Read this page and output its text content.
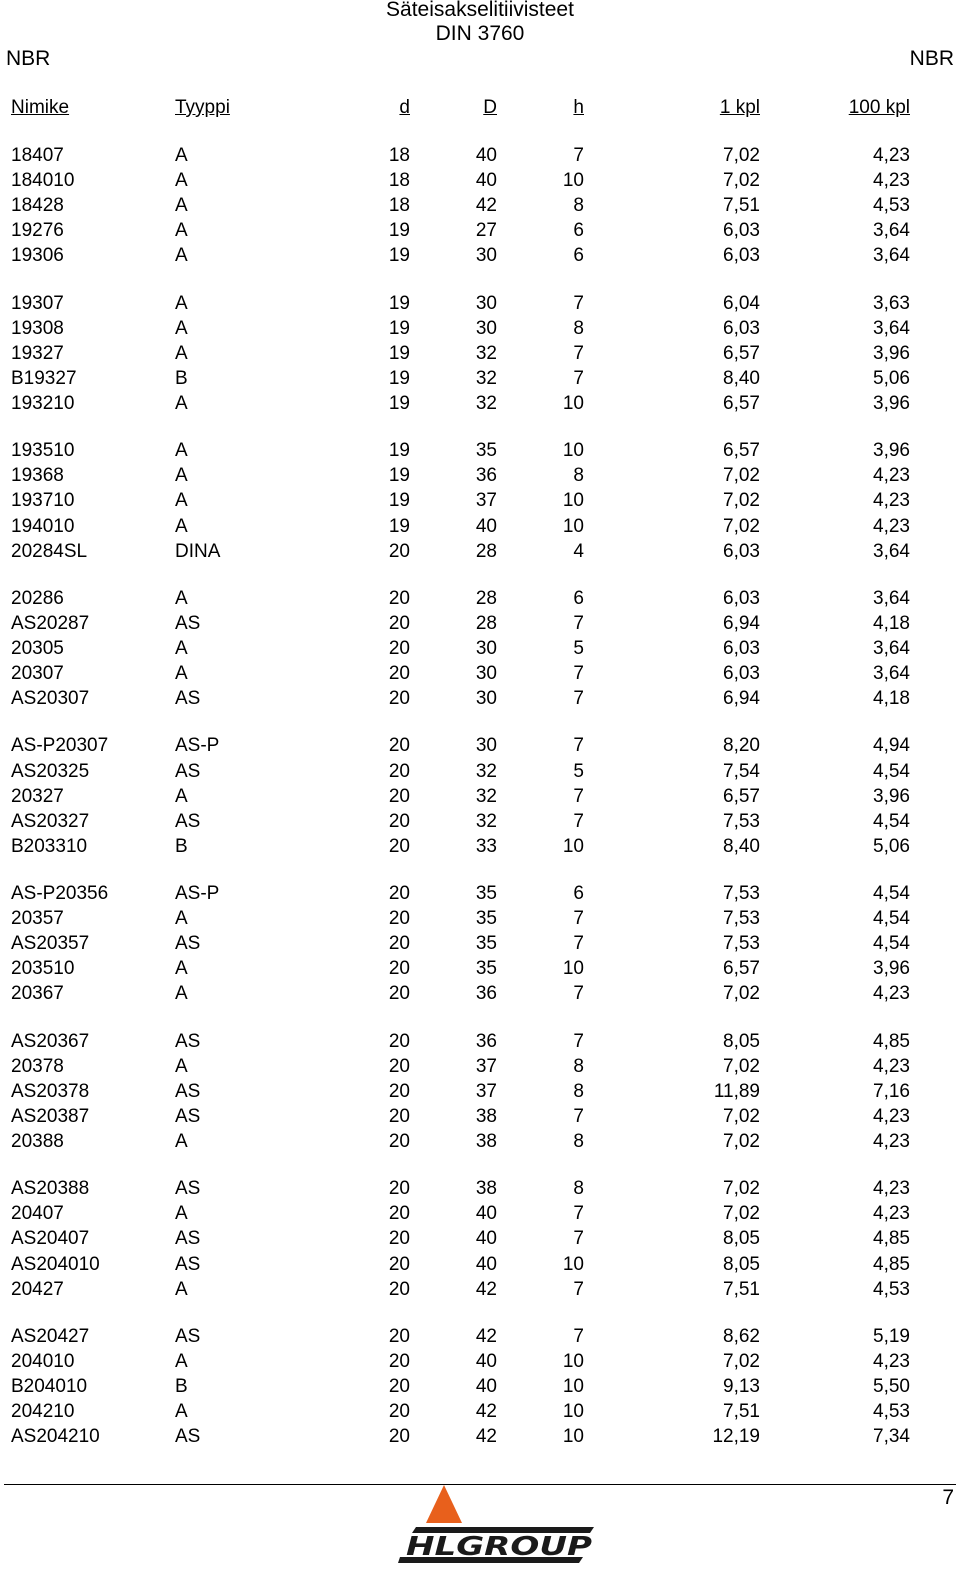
Säteisakselitiivisteet
DIN 3760
NBR	NBR
Nimike	Tyyppi	d	D	h	1 kpl	100 kpl
18407	A	18	40	7	7,02	4,23
184010	A	18	40	10	7,02	4,23
18428	A	18	42	8	7,51	4,53
19276	A	19	27	6	6,03	3,64
19306	A	19	30	6	6,03	3,64
19307	A	19	30	7	6,04	3,63
19308	A	19	30	8	6,03	3,64
19327	A	19	32	7	6,57	3,96
B19327	B	19	32	7	8,40	5,06
193210	A	19	32	10	6,57	3,96
193510	A	19	35	10	6,57	3,96
19368	A	19	36	8	7,02	4,23
193710	A	19	37	10	7,02	4,23
194010	A	19	40	10	7,02	4,23
20284SL	DINA	20	28	4	6,03	3,64
20286	A	20	28	6	6,03	3,64
AS20287	AS	20	28	7	6,94	4,18
20305	A	20	30	5	6,03	3,64
20307	A	20	30	7	6,03	3,64
AS20307	AS	20	30	7	6,94	4,18
AS-P20307	AS-P	20	30	7	8,20	4,94
AS20325	AS	20	32	5	7,54	4,54
20327	A	20	32	7	6,57	3,96
AS20327	AS	20	32	7	7,53	4,54
B203310	B	20	33	10	8,40	5,06
AS-P20356	AS-P	20	35	6	7,53	4,54
20357	A	20	35	7	7,53	4,54
AS20357	AS	20	35	7	7,53	4,54
203510	A	20	35	10	6,57	3,96
20367	A	20	36	7	7,02	4,23
AS20367	AS	20	36	7	8,05	4,85
20378	A	20	37	8	7,02	4,23
AS20378	AS	20	37	8	11,89	7,16
AS20387	AS	20	38	7	7,02	4,23
20388	A	20	38	8	7,02	4,23
AS20388	AS	20	38	8	7,02	4,23
20407	A	20	40	7	7,02	4,23
AS20407	AS	20	40	7	8,05	4,85
AS204010	AS	20	40	10	8,05	4,85
20427	A	20	42	7	7,51	4,53
AS20427	AS	20	42	7	8,62	5,19
204010	A	20	40	10	7,02	4,23
B204010	B	20	40	10	9,13	5,50
204210	A	20	42	10	7,51	4,53
AS204210	AS	20	42	10	12,19	7,34
7
HLGROUP
